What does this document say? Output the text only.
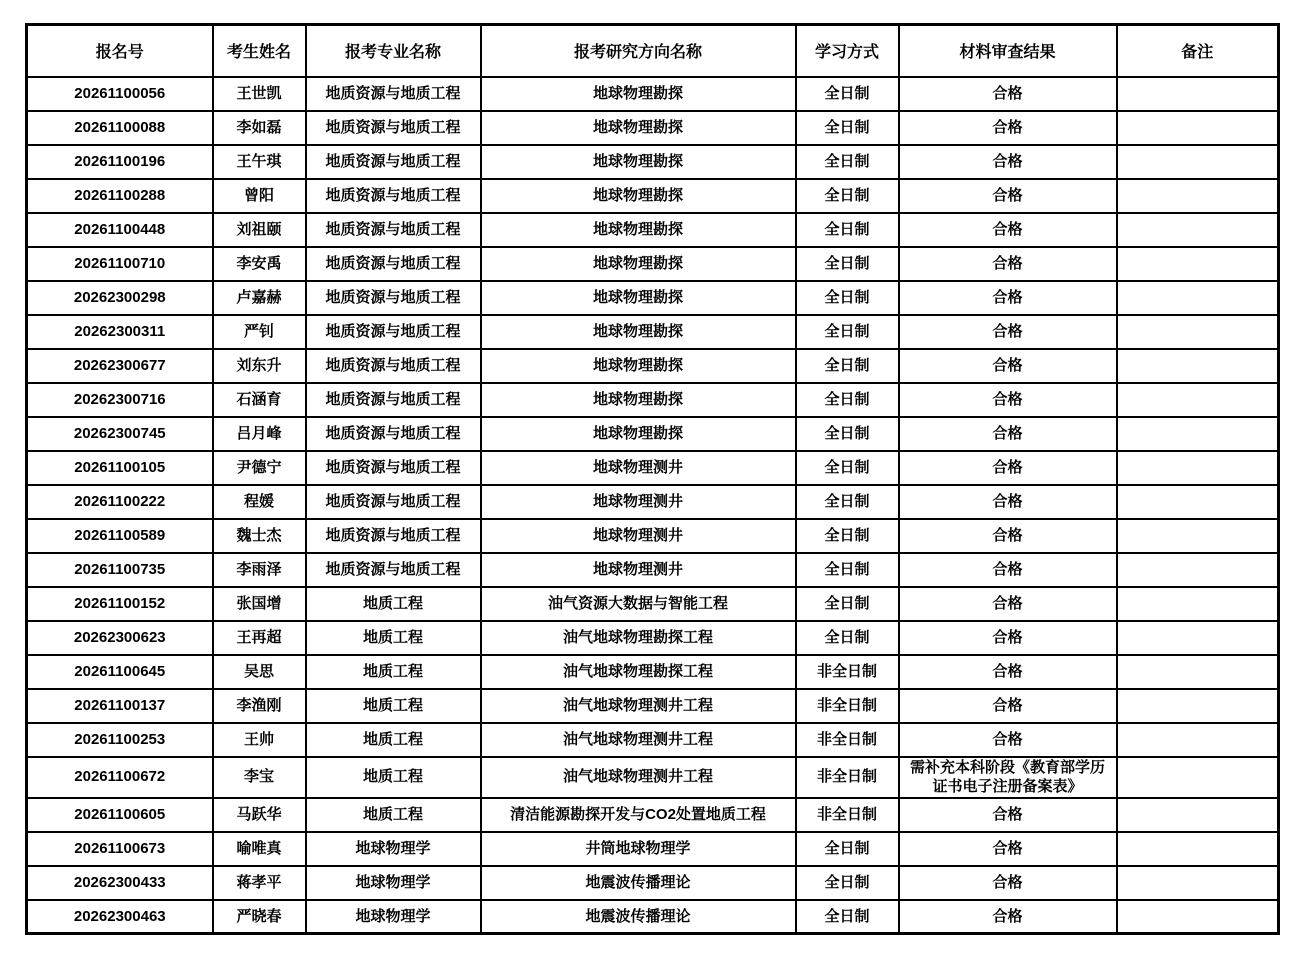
报名号	考生姓名	报考专业名称	报考研究方向名称	学习方式	材料审查结果	备注
20261100056	王世凯	地质资源与地质工程	地球物理勘探	全日制	合格	
20261100088	李如磊	地质资源与地质工程	地球物理勘探	全日制	合格	
20261100196	王午琪	地质资源与地质工程	地球物理勘探	全日制	合格	
20261100288	曾阳	地质资源与地质工程	地球物理勘探	全日制	合格	
20261100448	刘祖颐	地质资源与地质工程	地球物理勘探	全日制	合格	
20261100710	李安禹	地质资源与地质工程	地球物理勘探	全日制	合格	
20262300298	卢嘉赫	地质资源与地质工程	地球物理勘探	全日制	合格	
20262300311	严钊	地质资源与地质工程	地球物理勘探	全日制	合格	
20262300677	刘东升	地质资源与地质工程	地球物理勘探	全日制	合格	
20262300716	石涵育	地质资源与地质工程	地球物理勘探	全日制	合格	
20262300745	吕月峰	地质资源与地质工程	地球物理勘探	全日制	合格	
20261100105	尹德宁	地质资源与地质工程	地球物理测井	全日制	合格	
20261100222	程媛	地质资源与地质工程	地球物理测井	全日制	合格	
20261100589	魏士杰	地质资源与地质工程	地球物理测井	全日制	合格	
20261100735	李雨泽	地质资源与地质工程	地球物理测井	全日制	合格	
20261100152	张国增	地质工程	油气资源大数据与智能工程	全日制	合格	
20262300623	王再超	地质工程	油气地球物理勘探工程	全日制	合格	
20261100645	吴思	地质工程	油气地球物理勘探工程	非全日制	合格	
20261100137	李渔刚	地质工程	油气地球物理测井工程	非全日制	合格	
20261100253	王帅	地质工程	油气地球物理测井工程	非全日制	合格	
20261100672	李宝	地质工程	油气地球物理测井工程	非全日制	需补充本科阶段《教育部学历证书电子注册备案表》	
20261100605	马跃华	地质工程	清洁能源勘探开发与CO2处置地质工程	非全日制	合格	
20261100673	喻唯真	地球物理学	井筒地球物理学	全日制	合格	
20262300433	蒋孝平	地球物理学	地震波传播理论	全日制	合格	
20262300463	严晓春	地球物理学	地震波传播理论	全日制	合格	
